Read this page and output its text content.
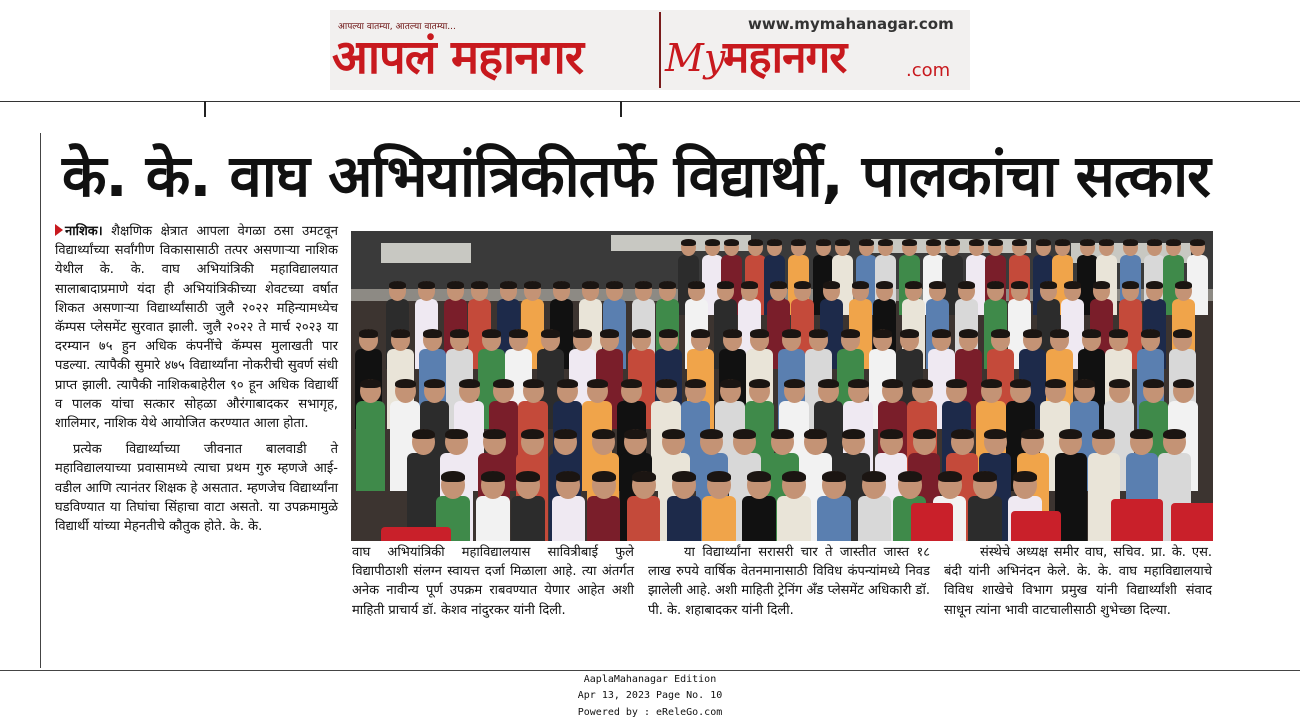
आपल्या वातम्या, आतल्या वातम्या...
आपलं महानगर
www.mymahanagar.com
My
महानगर	.com
के. के. वाघ अभियांत्रिकीतर्फे विद्यार्थी, पालकांचा सत्कार

नाशिक। शैक्षणिक क्षेत्रात आपला वेगळा ठसा उमटवून विद्यार्थ्यांच्या सर्वांगीण विकासासाठी तत्पर असणाऱ्या नाशिक येथील के. के. वाघ अभियांत्रिकी महाविद्यालयात सालाबादाप्रमाणे यंदा ही अभियांत्रिकीच्या शेवटच्या वर्षात शिकत असणाऱ्या विद्यार्थ्यांसाठी जुलै २०२२ महिन्यामध्येच कॅम्पस प्लेसमेंट सुरवात झाली. जुलै २०२२ ते मार्च २०२३ या दरम्यान ७५ हुन अधिक कंपनींचे कॅम्पस मुलाखती पार पडल्या. त्यापैकी सुमारे ४७५ विद्यार्थ्यांना नोकरीची सुवर्ण संधी प्राप्त झाली. त्यापैकी नाशिकबाहेरील ९० हून अधिक विद्यार्थी व पालक यांचा सत्कार सोहळा औरंगाबादकर सभागृह, शालिमार, नाशिक येथे आयोजित करण्यात आला होता.

प्रत्येक विद्यार्थ्याच्या जीवनात बालवाडी ते महाविद्यालयाच्या प्रवासामध्ये त्याचा प्रथम गुरु म्हणजे आई-वडील आणि त्यानंतर शिक्षक हे असतात. म्हणजेच विद्यार्थ्यांना घडविण्यात या तिघांचा सिंहाचा वाटा असतो. या उपक्रमामुळे विद्यार्थी यांच्या मेहनतीचे कौतुक होते. के. के.

वाघ अभियांत्रिकी महाविद्यालयास सावित्रीबाई फुले विद्यापीठाशी संलग्न स्वायत्त दर्जा मिळाला आहे. त्या अंतर्गत अनेक नावीन्य पूर्ण उपक्रम राबवण्यात येणार आहेत अशी माहिती प्राचार्य डॉ. केशव नांदुरकर यांनी दिली.
या विद्यार्थ्यांना सरासरी चार ते जास्तीत जास्त १८ लाख रुपये वार्षिक वेतनमानासाठी विविध कंपन्यांमध्ये निवड झालेली आहे. अशी माहिती ट्रेनिंग अँड प्लेसमेंट अधिकारी डॉ. पी. के. शहाबादकर यांनी दिली.
संस्थेचे अध्यक्ष समीर वाघ, सचिव. प्रा. के. एस. बंदी यांनी अभिनंदन केले. के. के. वाघ महाविद्यालयाचे विविध शाखेचे विभाग प्रमुख यांनी विद्यार्थ्यांशी संवाद साधून त्यांना भावी वाटचालीसाठी शुभेच्छा दिल्या.
AaplaMahanagar Edition
Apr 13, 2023 Page No. 10
Powered by : eReleGo.com
